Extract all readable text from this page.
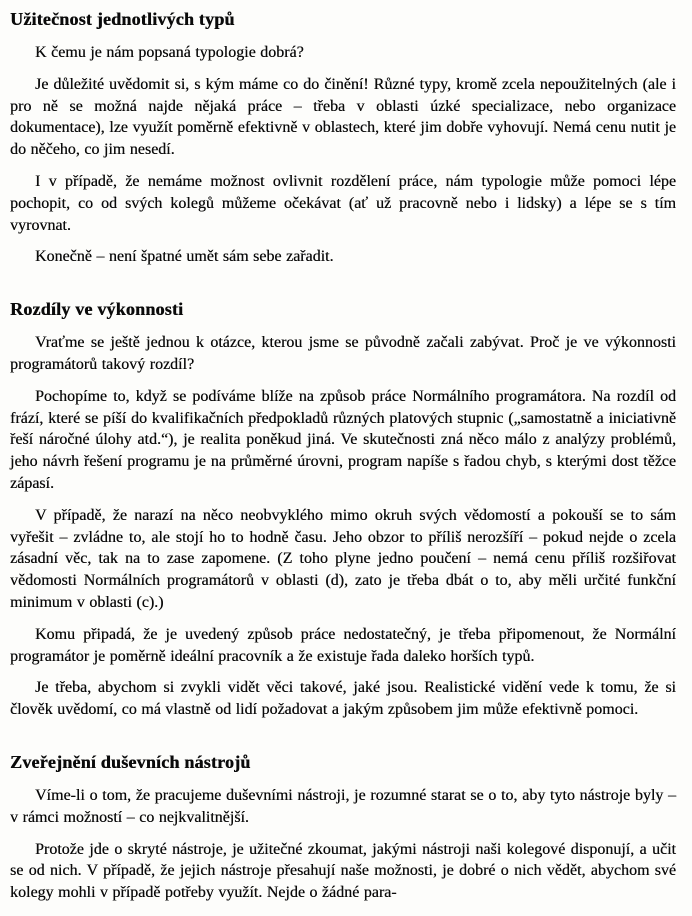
Užitečnost jednotlivých typů

K čemu je nám popsaná typologie dobrá?

Je důležité uvědomit si, s kým máme co do činění! Různé typy, kromě zcela nepoužitelných (ale i pro ně se možná najde nějaká práce – třeba v oblasti úzké specializace, nebo organizace dokumentace), lze využít poměrně efektivně v oblastech, které jim dobře vyhovují. Nemá cenu nutit je do něčeho, co jim nesedí.

I v případě, že nemáme možnost ovlivnit rozdělení práce, nám typologie může pomoci lépe pochopit, co od svých kolegů můžeme očekávat (ať už pracovně nebo i lidsky) a lépe se s tím vyrovnat.

Konečně – není špatné umět sám sebe zařadit.

Rozdíly ve výkonnosti

Vraťme se ještě jednou k otázce, kterou jsme se původně začali zabývat. Proč je ve výkonnosti programátorů takový rozdíl?

Pochopíme to, když se podíváme blíže na způsob práce Normálního programátora. Na rozdíl od frází, které se píší do kvalifikačních předpokladů různých platových stupnic („samostatně a iniciativně řeší náročné úlohy atd.“), je realita poněkud jiná. Ve skutečnosti zná něco málo z analýzy problémů, jeho návrh řešení programu je na průměrné úrovni, program napíše s řadou chyb, s kterými dost těžce zápasí.

V případě, že narazí na něco neobvyklého mimo okruh svých vědomostí a pokouší se to sám vyřešit – zvládne to, ale stojí ho to hodně času. Jeho obzor to příliš nerozšíří – pokud nejde o zcela zásadní věc, tak na to zase zapomene. (Z toho plyne jedno poučení – nemá cenu příliš rozšiřovat vědomosti Normálních programátorů v oblasti (d), zato je třeba dbát o to, aby měli určité funkční minimum v oblasti (c).)

Komu připadá, že je uvedený způsob práce nedostatečný, je třeba připomenout, že Normální programátor je poměrně ideální pracovník a že existuje řada daleko horších typů.

Je třeba, abychom si zvykli vidět věci takové, jaké jsou. Realistické vidění vede k tomu, že si člověk uvědomí, co má vlastně od lidí požadovat a jakým způsobem jim může efektivně pomoci.

Zveřejnění duševních nástrojů

Víme-li o tom, že pracujeme duševními nástroji, je rozumné starat se o to, aby tyto nástroje byly – v rámci možností – co nejkvalitnější.

Protože jde o skryté nástroje, je užitečné zkoumat, jakými nástroji naši kolegové disponují, a učit se od nich. V případě, že jejich nástroje přesahují naše možnosti, je dobré o nich vědět, abychom své kolegy mohli v případě potřeby využít. Nejde o žádné para-
